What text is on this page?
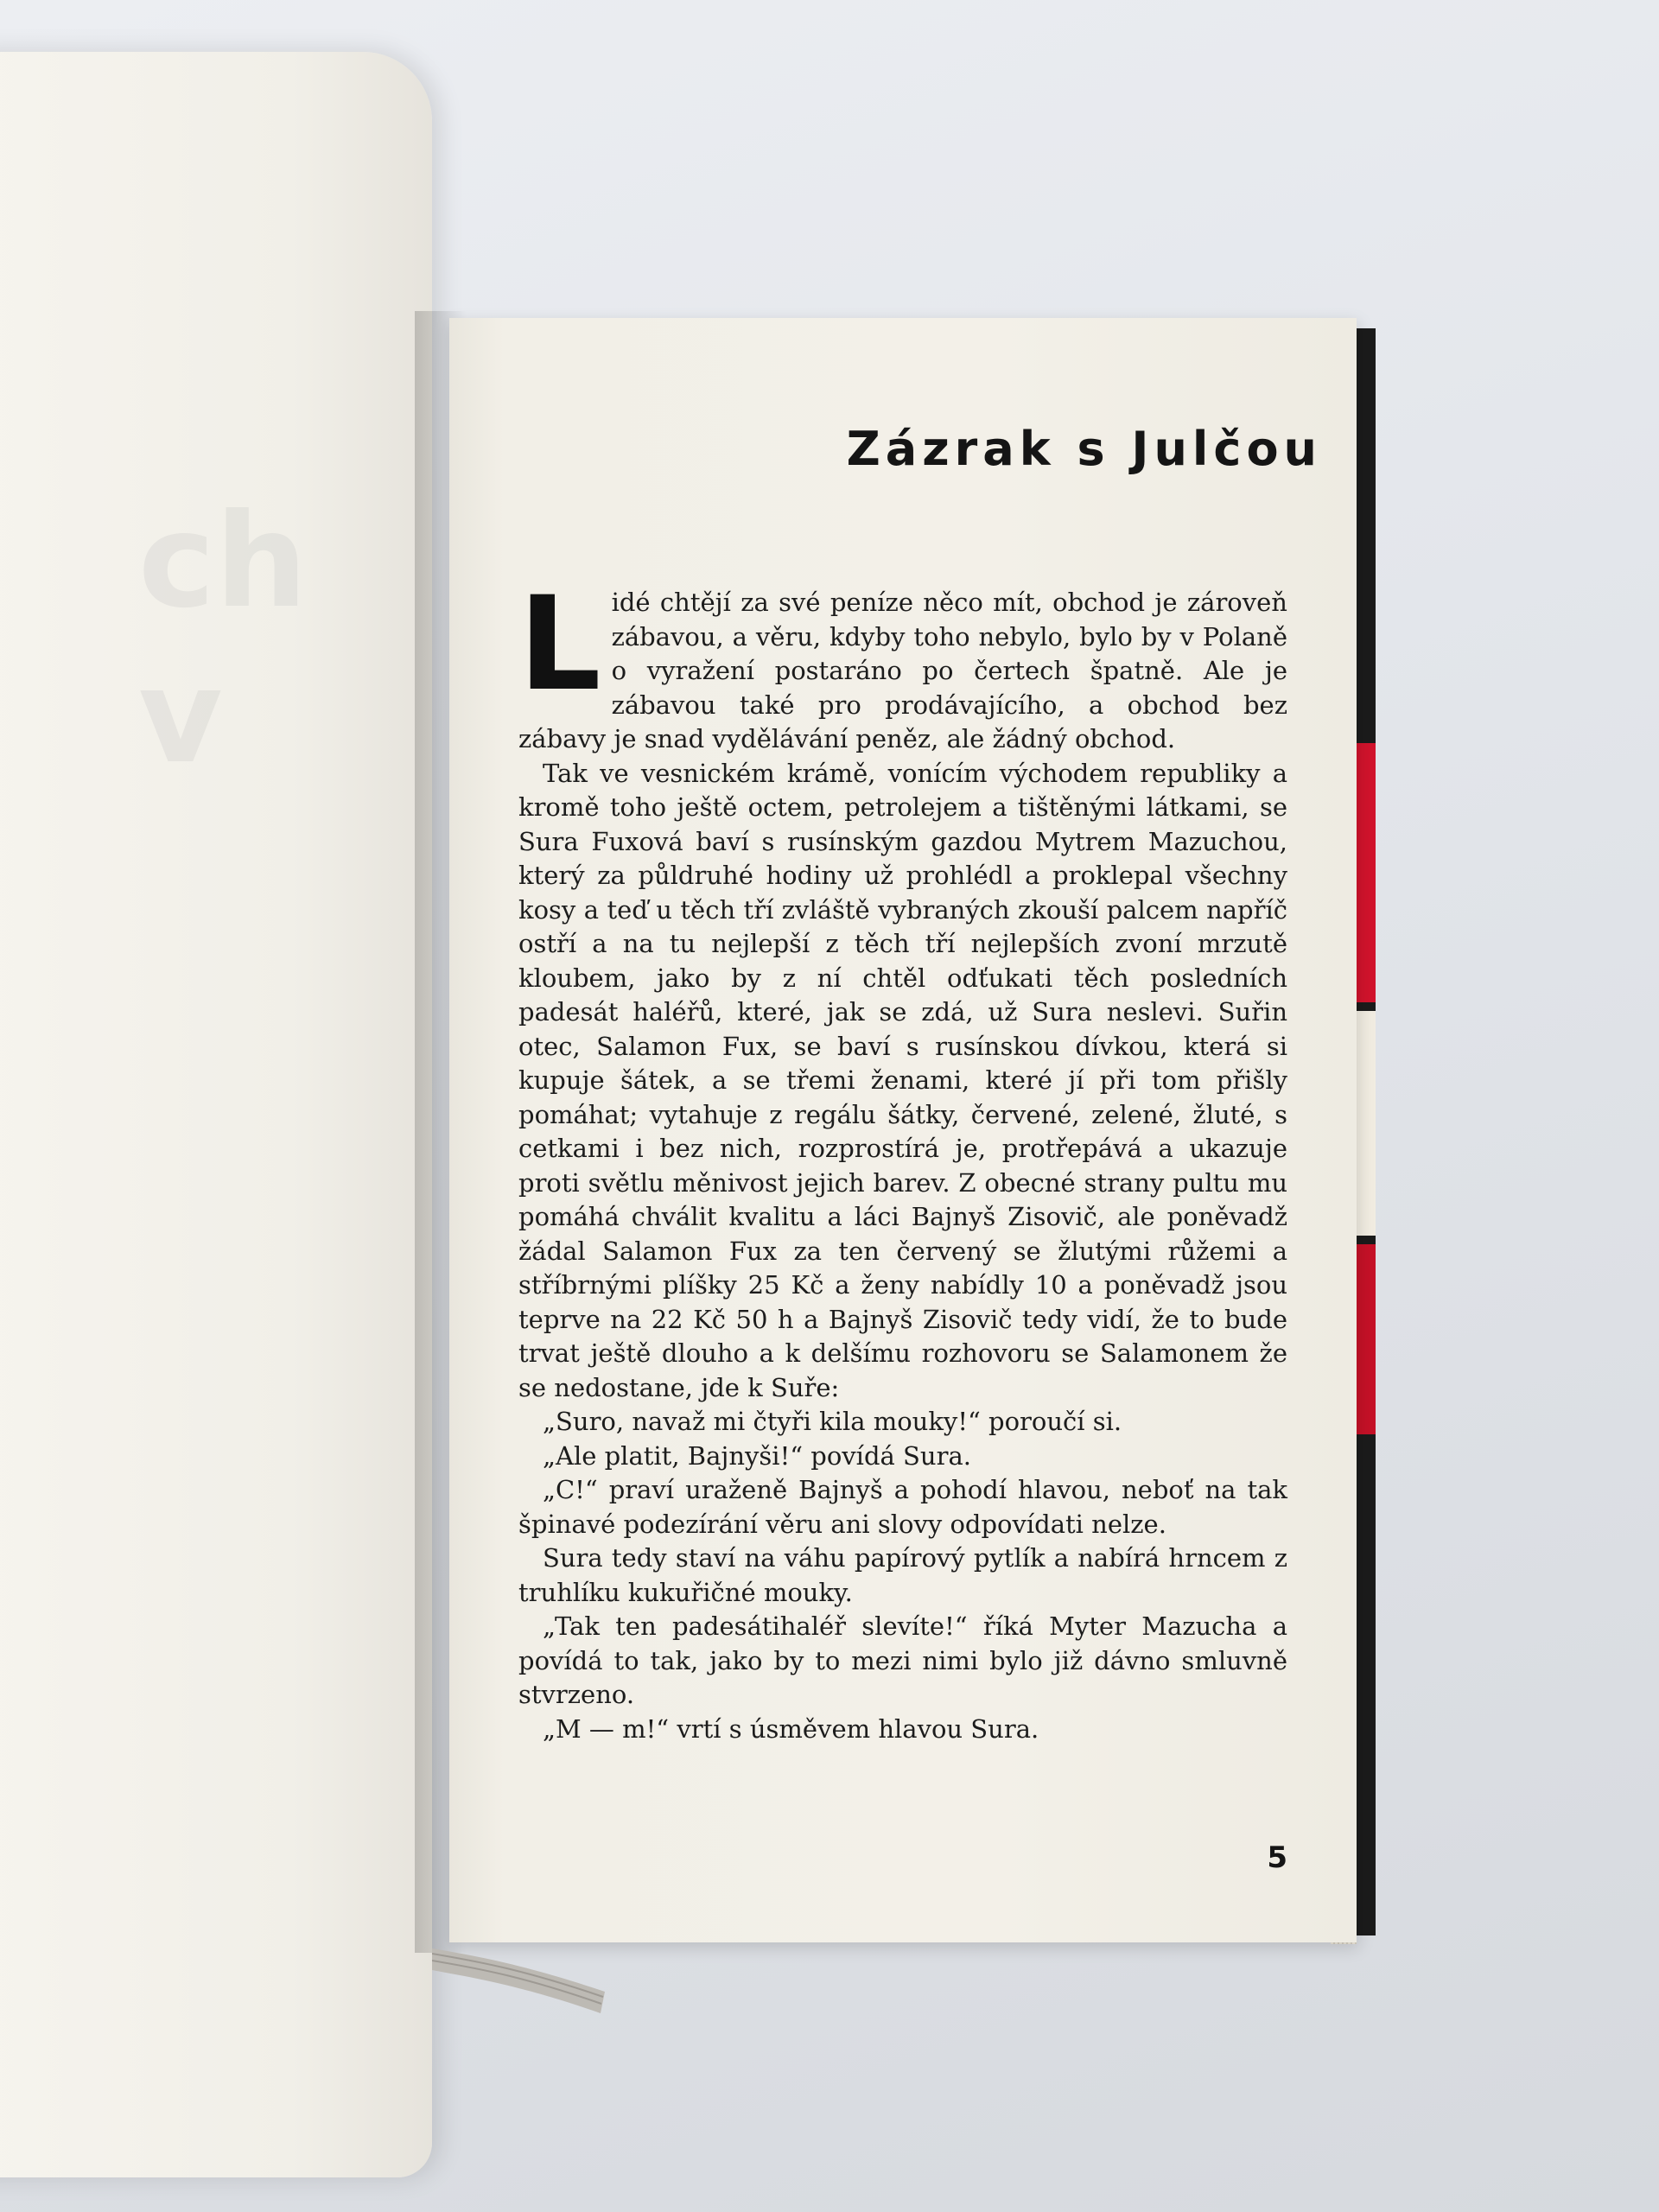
ch
v
Zázrak s Julčou

Lidé chtějí za své peníze něco mít, obchod je zároveň zábavou, a věru, kdyby toho nebylo, bylo by v Polaně o vyražení postaráno po čertech špatně. Ale je zábavou také pro prodávajícího, a obchod bez zábavy je snad vydělávání peněz, ale žádný obchod.

Tak ve vesnickém krámě, vonícím východem republiky a kromě toho ještě octem, petrolejem a tištěnými látkami, se Sura Fuxová baví s rusínským gazdou Mytrem Mazuchou, který za půldruhé hodiny už prohlédl a proklepal všechny kosy a teď u těch tří zvláště vybraných zkouší palcem napříč ostří a na tu nejlepší z těch tří nejlepších zvoní mrzutě kloubem, jako by z ní chtěl odťukati těch posledních padesát haléřů, které, jak se zdá, už Sura neslevi. Suřin otec, Salamon Fux, se baví s rusínskou dívkou, která si kupuje šátek, a se třemi ženami, které jí při tom přišly pomáhat; vytahuje z regálu šátky, červené, zelené, žluté, s cetkami i bez nich, rozprostírá je, protřepává a ukazuje proti světlu měnivost jejich barev. Z obecné strany pultu mu pomáhá chválit kvalitu a láci Bajnyš Zisovič, ale poněvadž žádal Salamon Fux za ten červený se žlutými růžemi a stříbrnými plíšky 25 Kč a ženy nabídly 10 a poněvadž jsou teprve na 22 Kč 50 h a Bajnyš Zisovič tedy vidí, že to bude trvat ještě dlouho a k delšímu rozhovoru se Salamonem že se nedostane, jde k Suře:

„Suro, navaž mi čtyři kila mouky!“ poroučí si.

„Ale platit, Bajnyši!“ povídá Sura.

„C!“ praví uraženě Bajnyš a pohodí hlavou, neboť na tak špinavé podezírání věru ani slovy odpovídati nelze.

Sura tedy staví na váhu papírový pytlík a nabírá hrncem z truhlíku kukuřičné mouky.

„Tak ten padesátihaléř slevíte!“ říká Myter Mazucha a povídá to tak, jako by to mezi nimi bylo již dávno smluvně stvrzeno.

„M — m!“ vrtí s úsměvem hlavou Sura.

5
